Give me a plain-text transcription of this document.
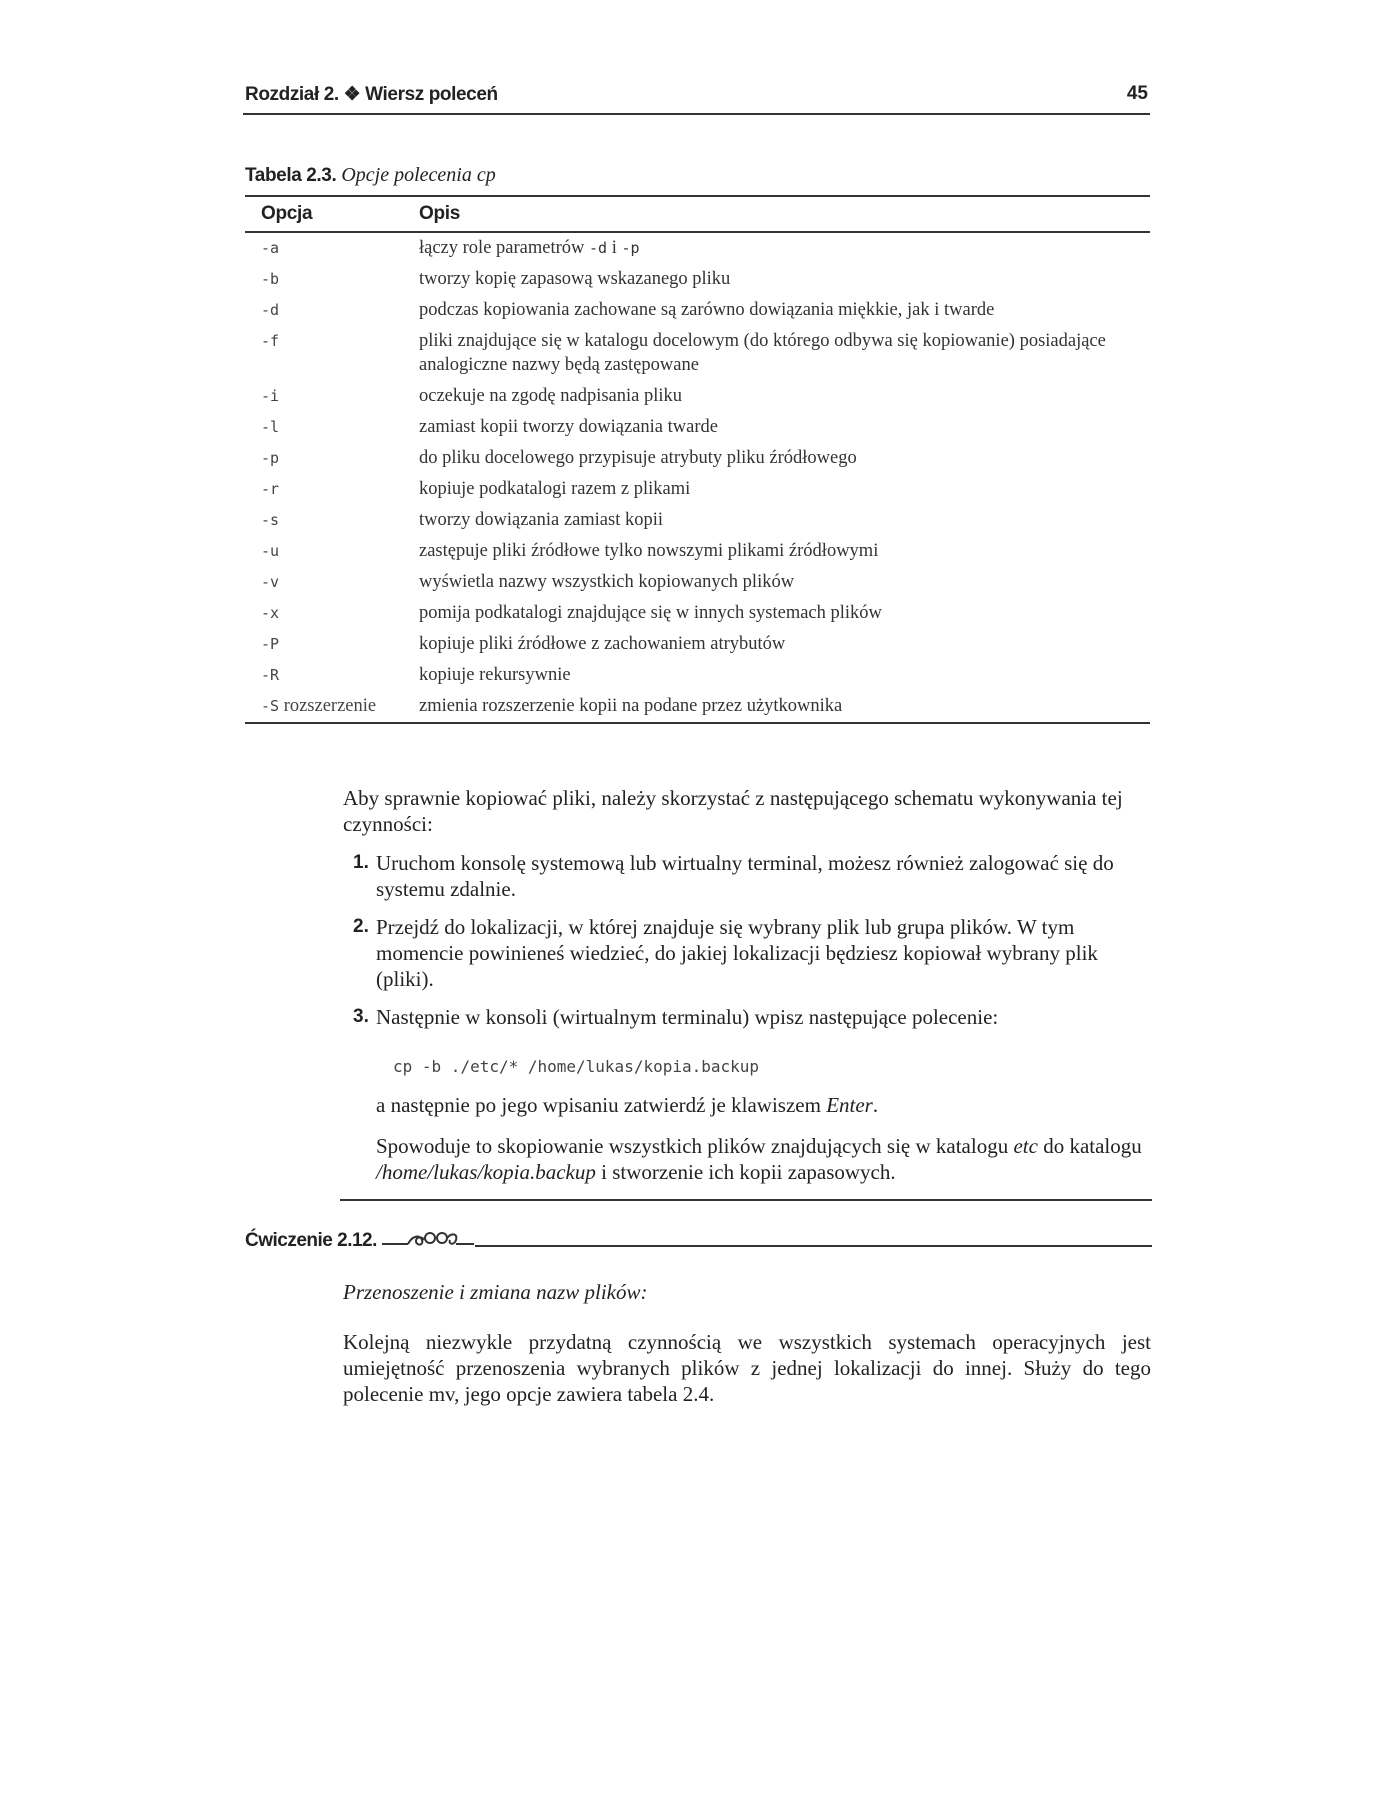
Rozdział 2. ❖ Wiersz poleceń	45
Tabela 2.3. Opcje polecenia cp
Opcja	Opis
-a	łączy role parametrów -d i -p
-b	tworzy kopię zapasową wskazanego pliku
-d	podczas kopiowania zachowane są zarówno dowiązania miękkie, jak i twarde
-f	pliki znajdujące się w katalogu docelowym (do którego odbywa się kopiowanie) posiadające analogiczne nazwy będą zastępowane
-i	oczekuje na zgodę nadpisania pliku
-l	zamiast kopii tworzy dowiązania twarde
-p	do pliku docelowego przypisuje atrybuty pliku źródłowego
-r	kopiuje podkatalogi razem z plikami
-s	tworzy dowiązania zamiast kopii
-u	zastępuje pliki źródłowe tylko nowszymi plikami źródłowymi
-v	wyświetla nazwy wszystkich kopiowanych plików
-x	pomija podkatalogi znajdujące się w innych systemach plików
-P	kopiuje pliki źródłowe z zachowaniem atrybutów
-R	kopiuje rekursywnie
-S rozszerzenie	zmienia rozszerzenie kopii na podane przez użytkownika
Aby sprawnie kopiować pliki, należy skorzystać z następującego schematu wykonywania tej czynności:
1. Uruchom konsolę systemową lub wirtualny terminal, możesz również zalogować się do systemu zdalnie.
2. Przejdź do lokalizacji, w której znajduje się wybrany plik lub grupa plików. W tym momencie powinieneś wiedzieć, do jakiej lokalizacji będziesz kopiował wybrany plik (pliki).
3. Następnie w konsoli (wirtualnym terminalu) wpisz następujące polecenie:
cp -b ./etc/* /home/lukas/kopia.backup
a następnie po jego wpisaniu zatwierdź je klawiszem Enter.
Spowoduje to skopiowanie wszystkich plików znajdujących się w katalogu etc do katalogu /home/lukas/kopia.backup i stworzenie ich kopii zapasowych.
Ćwiczenie 2.12.
Przenoszenie i zmiana nazw plików:
Kolejną niezwykle przydatną czynnością we wszystkich systemach operacyjnych jest umiejętność przenoszenia wybranych plików z jednej lokalizacji do innej. Służy do tego polecenie mv, jego opcje zawiera tabela 2.4.
